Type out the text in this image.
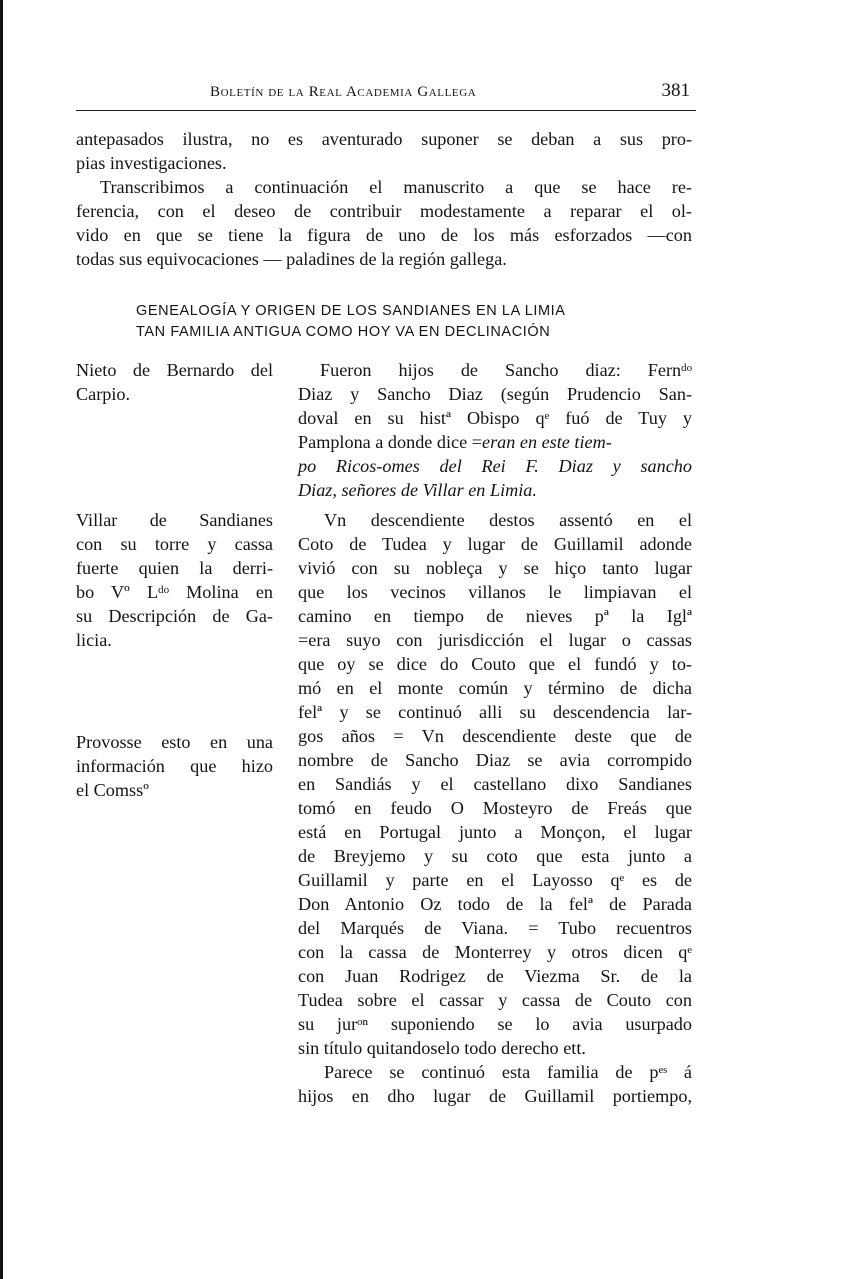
Boletín de la Real Academia Gallega	381
antepasados ilustra, no es aventurado suponer se deban a sus pro-
pias investigaciones.
Transcribimos a continuación el manuscrito a que se hace re-
ferencia, con el deseo de contribuir modestamente a reparar el ol-
vido en que se tiene la figura de uno de los más esforzados —con
todas sus equivocaciones — paladines de la región gallega.
GENEALOGÍA Y ORIGEN DE LOS SANDIANES EN LA LIMIA
TAN FAMILIA ANTIGUA COMO HOY VA EN DECLINACIÓN
Nieto de Bernardo del
Carpio.
Villar de Sandianes
con su torre y cassa
fuerte quien la derri-
bo Vº Lᵈᵒ Molina en
su Descripción de Ga-
licia.
Provosse esto en una
información que hizo
el Comssº
Fueron hijos de Sancho diaz: Fernᵈᵒ
Diaz y Sancho Diaz (según Prudencio San-
doval en su histª Obispo qᵉ fuó de Tuy y
Pamplona a donde dice =eran en este tiem-
po Ricos-omes del Rei F. Diaz y sancho
Diaz, señores de Villar en Limia.
Vn descendiente destos assentó en el
Coto de Tudea y lugar de Guillamil adonde
vivió con su nobleça y se hiço tanto lugar
que los vecinos villanos le limpiavan el
camino en tiempo de nieves pª la Iglª
=era suyo con jurisdicción el lugar o cassas
que oy se dice do Couto que el fundó y to-
mó en el monte común y término de dicha
felª y se continuó alli su descendencia lar-
gos años = Vn descendiente deste que de
nombre de Sancho Diaz se avia corrompido
en Sandiás y el castellano dixo Sandianes
tomó en feudo O Mosteyro de Freás que
está en Portugal junto a Monçon, el lugar
de Breyjemo y su coto que esta junto a
Guillamil y parte en el Layosso qᵉ es de
Don Antonio Oz todo de la felª de Parada
del Marqués de Viana. = Tubo recuentros
con la cassa de Monterrey y otros dicen qᵉ
con Juan Rodrigez de Viezma Sr. de la
Tudea sobre el cassar y cassa de Couto con
su jurᵒⁿ suponiendo se lo avia usurpado
sin título quitandoselo todo derecho ett.
Parece se continuó esta familia de pᵉˢ á
hijos en dho lugar de Guillamil portiempo,
